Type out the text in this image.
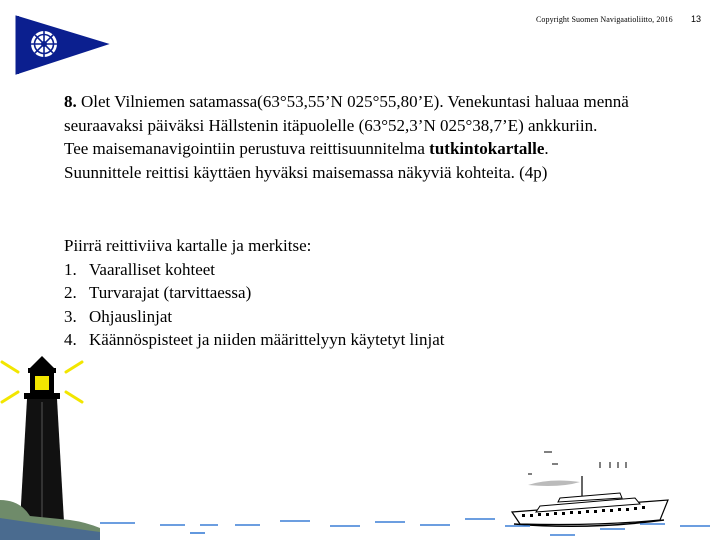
Copyright Suomen Navigaatioliitto, 2016 13

8. Olet Vilniemen satamassa(63°53,55’N 025°55,80’E). Venekuntasi haluaa mennä seuraavaksi päiväksi Hällstenin itäpuolelle (63°52,3’N 025°38,7’E) ankkuriin.

Tee maisemanavigointiin perustuva reittisuunnitelma tutkintokartalle.

Suunnittele reittisi käyttäen hyväksi maisemassa näkyviä kohteita. (4p)

Piirrä reittiviiva kartalle ja merkitse:

1. Vaaralliset kohteet
2. Turvarajat (tarvittaessa)
3. Ohjauslinjat
4. Käännöspisteet ja niiden määrittelyyn käytetyt linjat
